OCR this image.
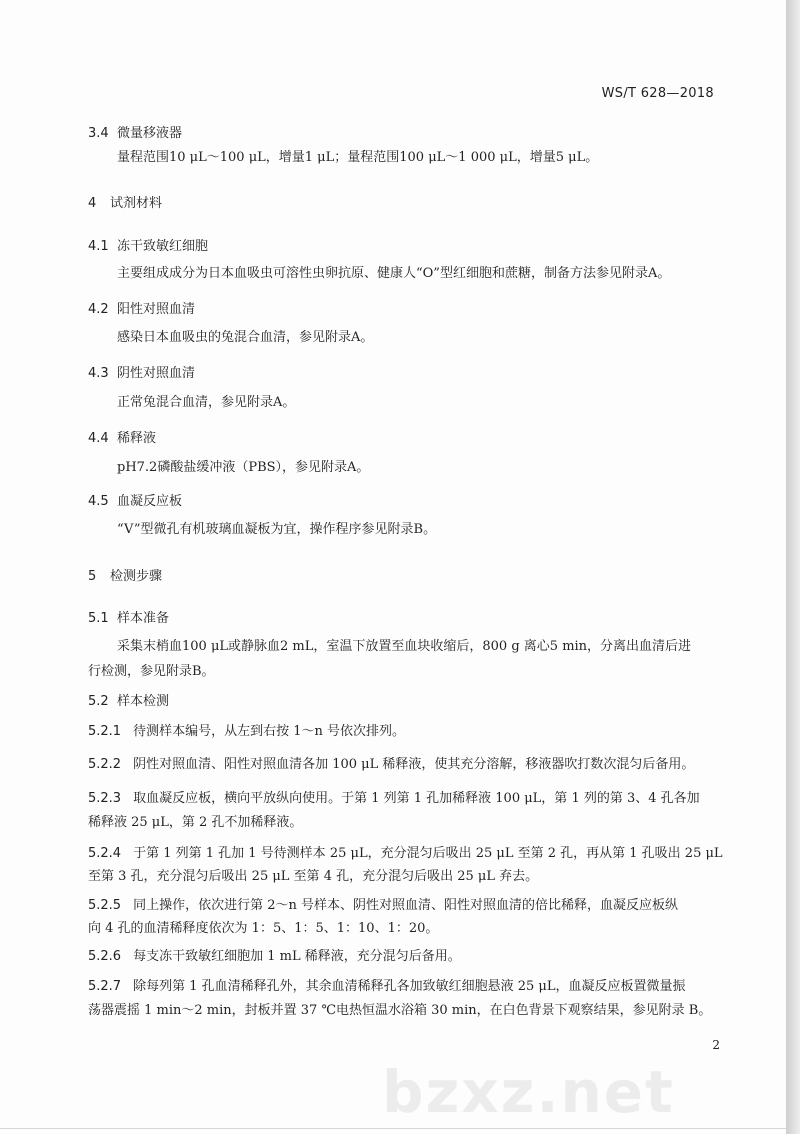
WS/T 628—2018
3.4 微量移液器
量程范围10 μL～100 μL，增量1 μL；量程范围100 μL～1 000 μL，增量5 μL。
4 试剂材料
4.1 冻干致敏红细胞
主要组成成分为日本血吸虫可溶性虫卵抗原、健康人“O”型红细胞和蔗糖，制备方法参见附录A。
4.2 阳性对照血清
感染日本血吸虫的兔混合血清，参见附录A。
4.3 阴性对照血清
正常兔混合血清，参见附录A。
4.4 稀释液
pH7.2磷酸盐缓冲液（PBS），参见附录A。
4.5 血凝反应板
“V”型微孔有机玻璃血凝板为宜，操作程序参见附录B。
5 检测步骤
5.1 样本准备
采集末梢血100 μL或静脉血2 mL，室温下放置至血块收缩后，800 g 离心5 min，分离出血清后进
行检测，参见附录B。
5.2 样本检测
5.2.1 待测样本编号，从左到右按 1～n 号依次排列。
5.2.2 阴性对照血清、阳性对照血清各加 100 μL 稀释液，使其充分溶解，移液器吹打数次混匀后备用。
5.2.3 取血凝反应板，横向平放纵向使用。于第 1 列第 1 孔加稀释液 100 μL，第 1 列的第 3、4 孔各加
稀释液 25 μL，第 2 孔不加稀释液。
5.2.4 于第 1 列第 1 孔加 1 号待测样本 25 μL，充分混匀后吸出 25 μL 至第 2 孔，再从第 1 孔吸出 25 μL
至第 3 孔，充分混匀后吸出 25 μL 至第 4 孔，充分混匀后吸出 25 μL 弃去。
5.2.5 同上操作，依次进行第 2～n 号样本、阴性对照血清、阳性对照血清的倍比稀释，血凝反应板纵
向 4 孔的血清稀释度依次为 1：5、1：5、1：10、1：20。
5.2.6 每支冻干致敏红细胞加 1 mL 稀释液，充分混匀后备用。
5.2.7 除每列第 1 孔血清稀释孔外，其余血清稀释孔各加致敏红细胞悬液 25 μL，血凝反应板置微量振
荡器震摇 1 min～2 min，封板并置 37 ℃电热恒温水浴箱 30 min，在白色背景下观察结果，参见附录 B。
2
bzxz.net
